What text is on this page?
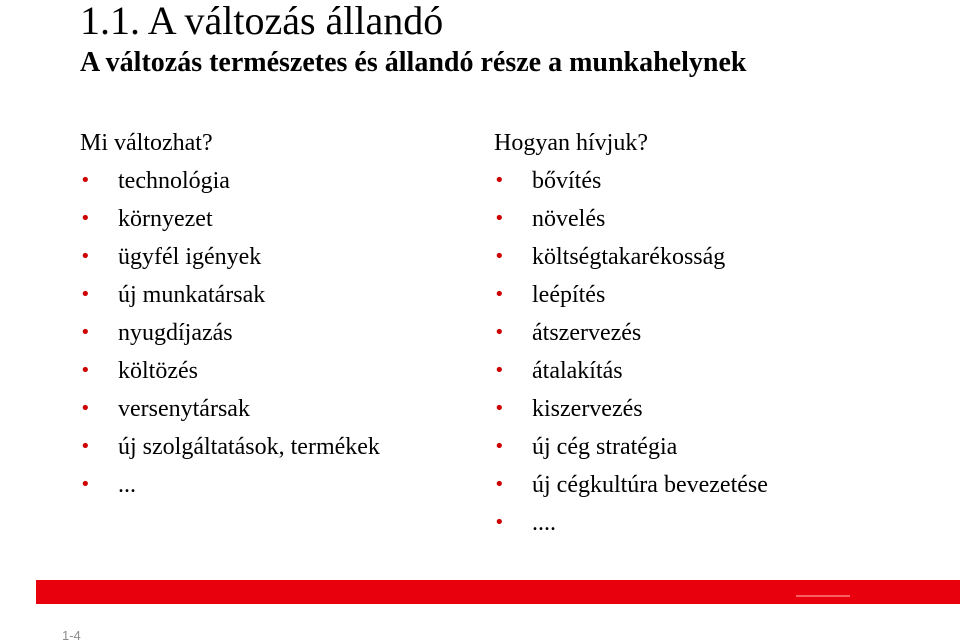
1.1. A változás állandó
A változás természetes és állandó része a munkahelynek

Mi változhat?

• technológia
• környezet
• ügyfél igények
• új munkatársak
• nyugdíjazás
• költözés
• versenytársak
• új szolgáltatások, termékek
• ...

Hogyan hívjuk?

• bővítés
• növelés
• költségtakarékosság
• leépítés
• átszervezés
• átalakítás
• kiszervezés
• új cég stratégia
• új cégkultúra bevezetése
• ....
1-4
